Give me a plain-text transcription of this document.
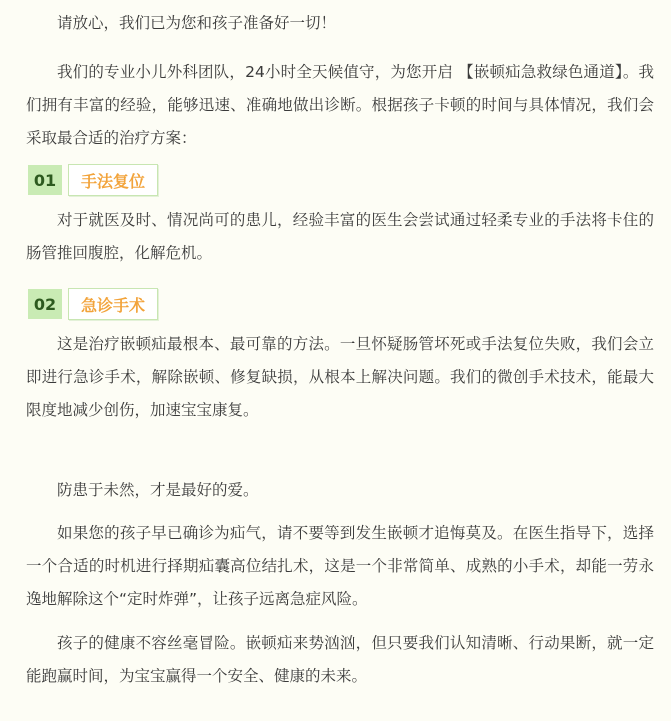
请放心，我们已为您和孩子准备好一切！

我们的专业小儿外科团队，24小时全天候值守，为您开启 【嵌顿疝急救绿色通道】。我们拥有丰富的经验，能够迅速、准确地做出诊断。根据孩子卡顿的时间与具体情况，我们会采取最合适的治疗方案：

01	手法复位

对于就医及时、情况尚可的患儿，经验丰富的医生会尝试通过轻柔专业的手法将卡住的肠管推回腹腔，化解危机。

02	急诊手术

这是治疗嵌顿疝最根本、最可靠的方法。一旦怀疑肠管坏死或手法复位失败，我们会立即进行急诊手术，解除嵌顿、修复缺损，从根本上解决问题。我们的微创手术技术，能最大限度地减少创伤，加速宝宝康复。

防患于未然，才是最好的爱。

如果您的孩子早已确诊为疝气，请不要等到发生嵌顿才追悔莫及。在医生指导下，选择一个合适的时机进行择期疝囊高位结扎术，这是一个非常简单、成熟的小手术，却能一劳永逸地解除这个“定时炸弹”，让孩子远离急症风险。

孩子的健康不容丝毫冒险。嵌顿疝来势汹汹，但只要我们认知清晰、行动果断，就一定能跑赢时间，为宝宝赢得一个安全、健康的未来。
